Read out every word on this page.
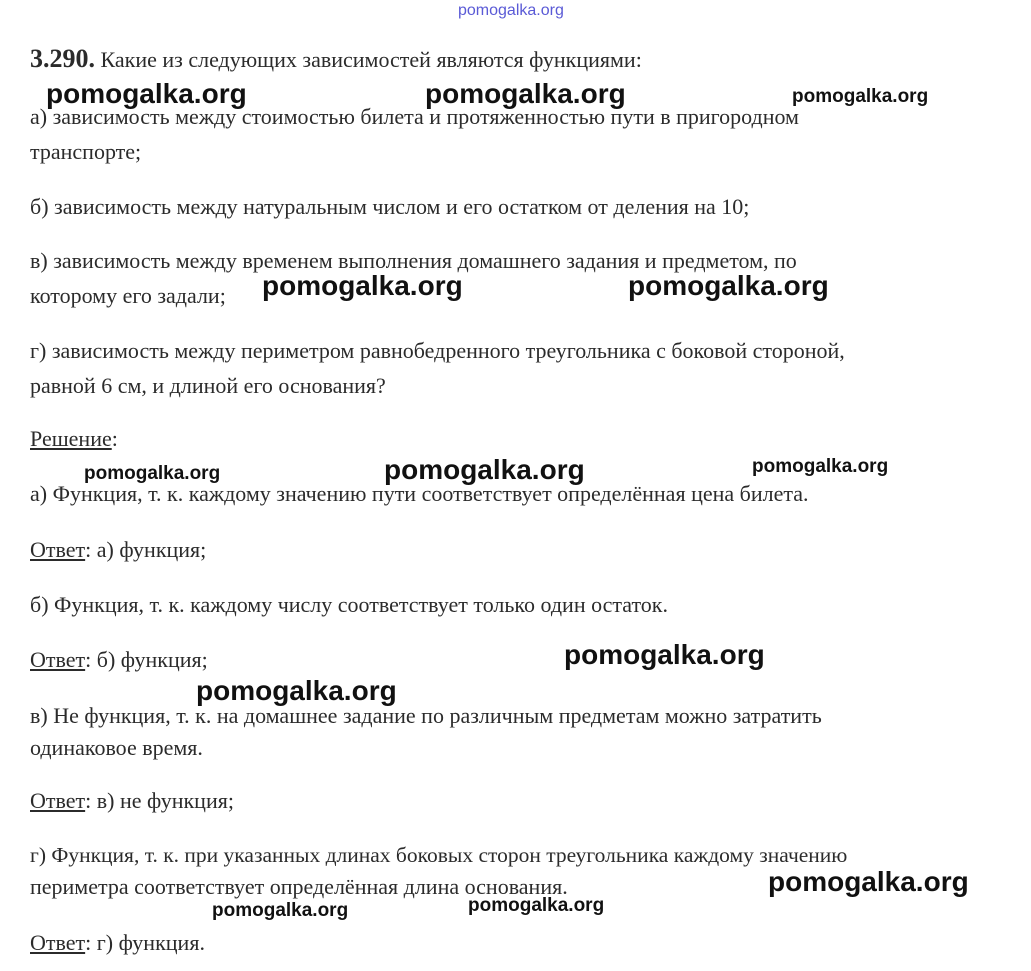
pomogalka.org
pomogalka.org	pomogalka.org	pomogalka.org
pomogalka.org	pomogalka.org
pomogalka.org	pomogalka.org	pomogalka.org
pomogalka.org
pomogalka.org
pomogalka.org
pomogalka.org	pomogalka.org
3.290. Какие из следующих зависимостей являются функциями:
а) зависимость между стоимостью билета и протяженностью пути в пригородном
транспорте;
б) зависимость между натуральным числом и его остатком от деления на 10;
в) зависимость между временем выполнения домашнего задания и предметом, по
которому его задали;
г) зависимость между периметром равнобедренного треугольника с боковой стороной,
равной 6 см, и длиной его основания?
Решение:
а) Функция, т. к. каждому значению пути соответствует определённая цена билета.
Ответ: а) функция;
б) Функция, т. к. каждому числу соответствует только один остаток.
Ответ: б) функция;
в) Не функция, т. к. на домашнее задание по различным предметам можно затратить
одинаковое время.
Ответ: в) не функция;
г) Функция, т. к. при указанных длинах боковых сторон треугольника каждому значению
периметра соответствует определённая длина основания.
Ответ: г) функция.
